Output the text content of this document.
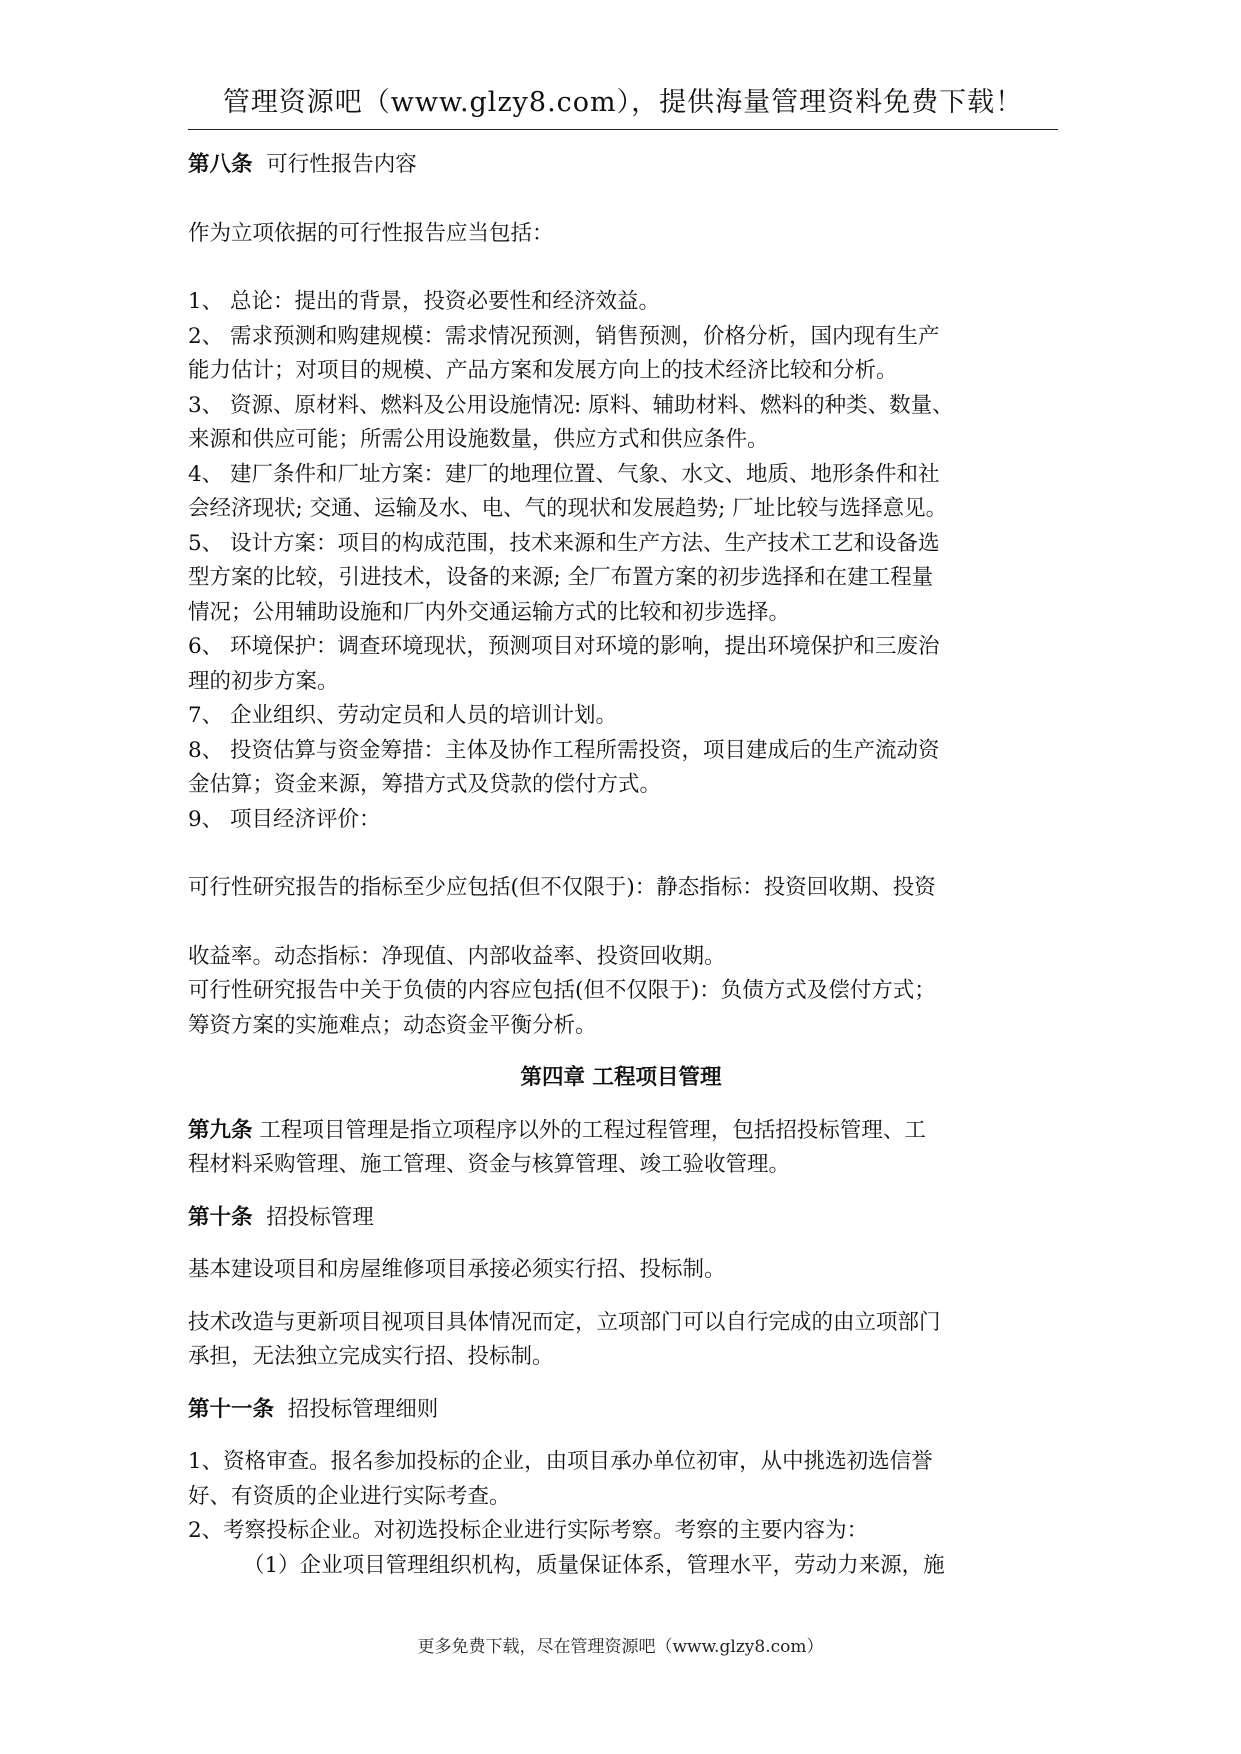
管理资源吧（www.glzy8.com），提供海量管理资料免费下载！

第八条 可行性报告内容

作为立项依据的可行性报告应当包括：

1、 总论：提出的背景，投资必要性和经济效益。

2、 需求预测和购建规模：需求情况预测，销售预测，价格分析，国内现有生产

能力估计；对项目的规模、产品方案和发展方向上的技术经济比较和分析。

3、 资源、原材料、燃料及公用设施情况: 原料、辅助材料、燃料的种类、数量、

来源和供应可能；所需公用设施数量，供应方式和供应条件。

4、 建厂条件和厂址方案：建厂的地理位置、气象、水文、地质、地形条件和社

会经济现状; 交通、运输及水、电、气的现状和发展趋势; 厂址比较与选择意见。

5、 设计方案：项目的构成范围，技术来源和生产方法、生产技术工艺和设备选

型方案的比较，引进技术，设备的来源; 全厂布置方案的初步选择和在建工程量

情况；公用辅助设施和厂内外交通运输方式的比较和初步选择。

6、 环境保护：调查环境现状，预测项目对环境的影响，提出环境保护和三废治

理的初步方案。

7、 企业组织、劳动定员和人员的培训计划。

8、 投资估算与资金筹措：主体及协作工程所需投资，项目建成后的生产流动资

金估算；资金来源，筹措方式及贷款的偿付方式。

9、 项目经济评价：

可行性研究报告的指标至少应包括(但不仅限于)：静态指标：投资回收期、投资

收益率。动态指标：净现值、内部收益率、投资回收期。

可行性研究报告中关于负债的内容应包括(但不仅限于)：负债方式及偿付方式；

筹资方案的实施难点；动态资金平衡分析。

第四章 工程项目管理

第九条 工程项目管理是指立项程序以外的工程过程管理，包括招投标管理、工

程材料采购管理、施工管理、资金与核算管理、竣工验收管理。

第十条 招投标管理

基本建设项目和房屋维修项目承接必须实行招、投标制。

技术改造与更新项目视项目具体情况而定，立项部门可以自行完成的由立项部门

承担，无法独立完成实行招、投标制。

第十一条 招投标管理细则

1、资格审查。报名参加投标的企业，由项目承办单位初审，从中挑选初选信誉

好、有资质的企业进行实际考查。

2、考察投标企业。对初选投标企业进行实际考察。考察的主要内容为：

（1）企业项目管理组织机构，质量保证体系，管理水平，劳动力来源，施

更多免费下载，尽在管理资源吧（www.glzy8.com）
